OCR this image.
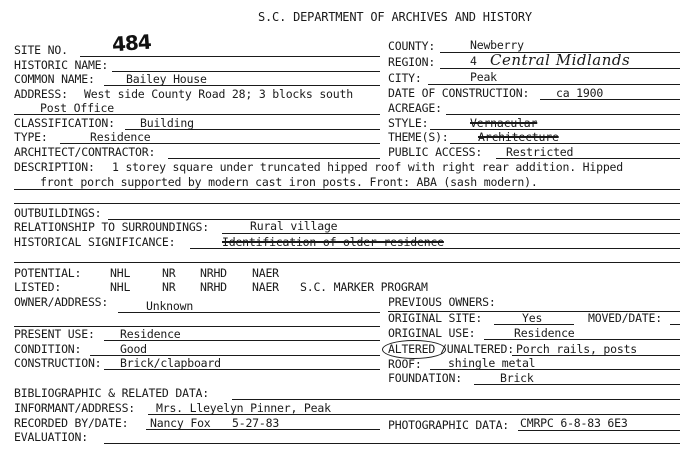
S.C. DEPARTMENT OF ARCHIVES AND HISTORY
SITE NO. 484
HISTORIC NAME:
COMMON NAME:	Bailey House
ADDRESS: West side County Road 28; 3 blocks south
Post Office
CLASSIFICATION: Building
TYPE:	Residence
ARCHITECT/CONTRACTOR:
COUNTY:	Newberry
REGION:	4 Central Midlands
CITY:	Peak
DATE OF CONSTRUCTION: ca 1900
ACREAGE:
STYLE:	Vernacular
THEME(S):	Architecture
PUBLIC ACCESS: Restricted
DESCRIPTION: 1 storey square under truncated hipped roof with right rear addition. Hipped
front porch supported by modern cast iron posts. Front: ABA (sash modern).
OUTBUILDINGS:
RELATIONSHIP TO SURROUNDINGS:	Rural village
HISTORICAL SIGNIFICANCE:	Identification of older residence
POTENTIAL:	NHL	NR NRHD NAER
LISTED:	NHL	NR NRHD NAER S.C. MARKER PROGRAM
OWNER/ADDRESS:	Unknown	PREVIOUS OWNERS:
ORIGINAL SITE:	Yes	MOVED/DATE:
ORIGINAL USE:	Residence
PRESENT USE: Residence
CONDITION:	Good
CONSTRUCTION: Brick/clapboard
ALTERED /UNALTERED: Porch rails, posts
ROOF: shingle metal
FOUNDATION:	Brick
BIBLIOGRAPHIC & RELATED DATA:
INFORMANT/ADDRESS: Mrs. Lleyelyn Pinner, Peak
RECORDED BY/DATE: Nancy Fox 5-27-83	PHOTOGRAPHIC DATA: CMRPC 6-8-83 6E3
EVALUATION:
